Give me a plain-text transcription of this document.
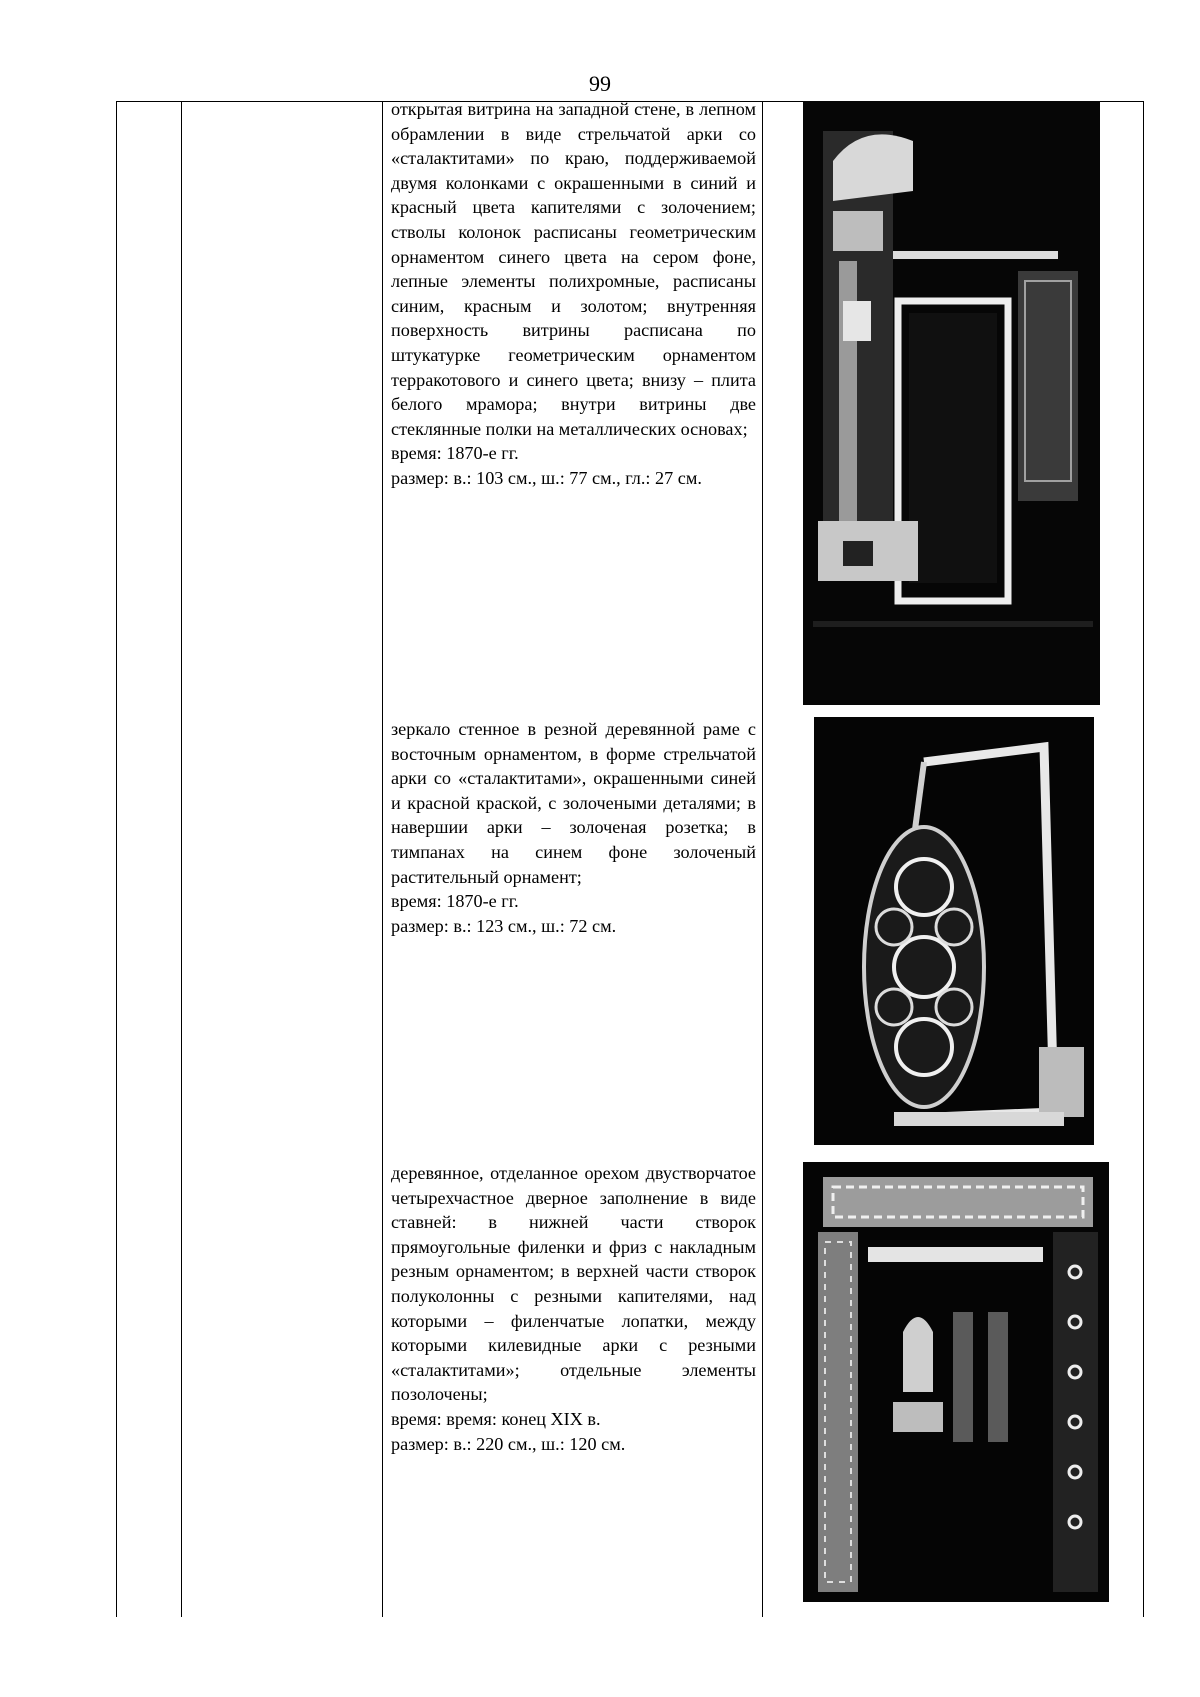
99

открытая витрина на западной стене, в лепном обрамлении в виде стрельчатой арки со «сталактитами» по краю, поддерживаемой двумя колонками с окрашенными в синий и красный цвета капителями с золочением; стволы колонок расписаны геометрическим орнаментом синего цвета на сером фоне, лепные элементы полихромные, расписаны синим, красным и золотом; внутренняя поверхность витрины расписана по штукатурке геометрическим орнаментом терракотового и синего цвета; внизу – плита белого мрамора; внутри витрины две стеклянные полки на металлических основах;

время: 1870-е гг.

размер: в.: 103 см., ш.: 77 см., гл.: 27 см.

зеркало стенное в резной деревянной раме с восточным орнаментом, в форме стрельчатой арки со «сталактитами», окрашенными синей и красной краской, с золочеными деталями; в навершии арки – золоченая розетка; в тимпанах на синем фоне золоченый растительный орнамент;

время: 1870-е гг.

размер: в.: 123 см., ш.: 72 см.

деревянное, отделанное орехом двустворчатое четырехчастное дверное заполнение в виде ставней: в нижней части створок прямоугольные филенки и фриз с накладным резным орнаментом; в верхней части створок полуколонны с резными капителями, над которыми – филенчатые лопатки, между которыми килевидные арки с резными «сталактитами»; отдельные элементы позолочены;

время: время: конец XIX в.

размер: в.: 220 см., ш.: 120 см.
